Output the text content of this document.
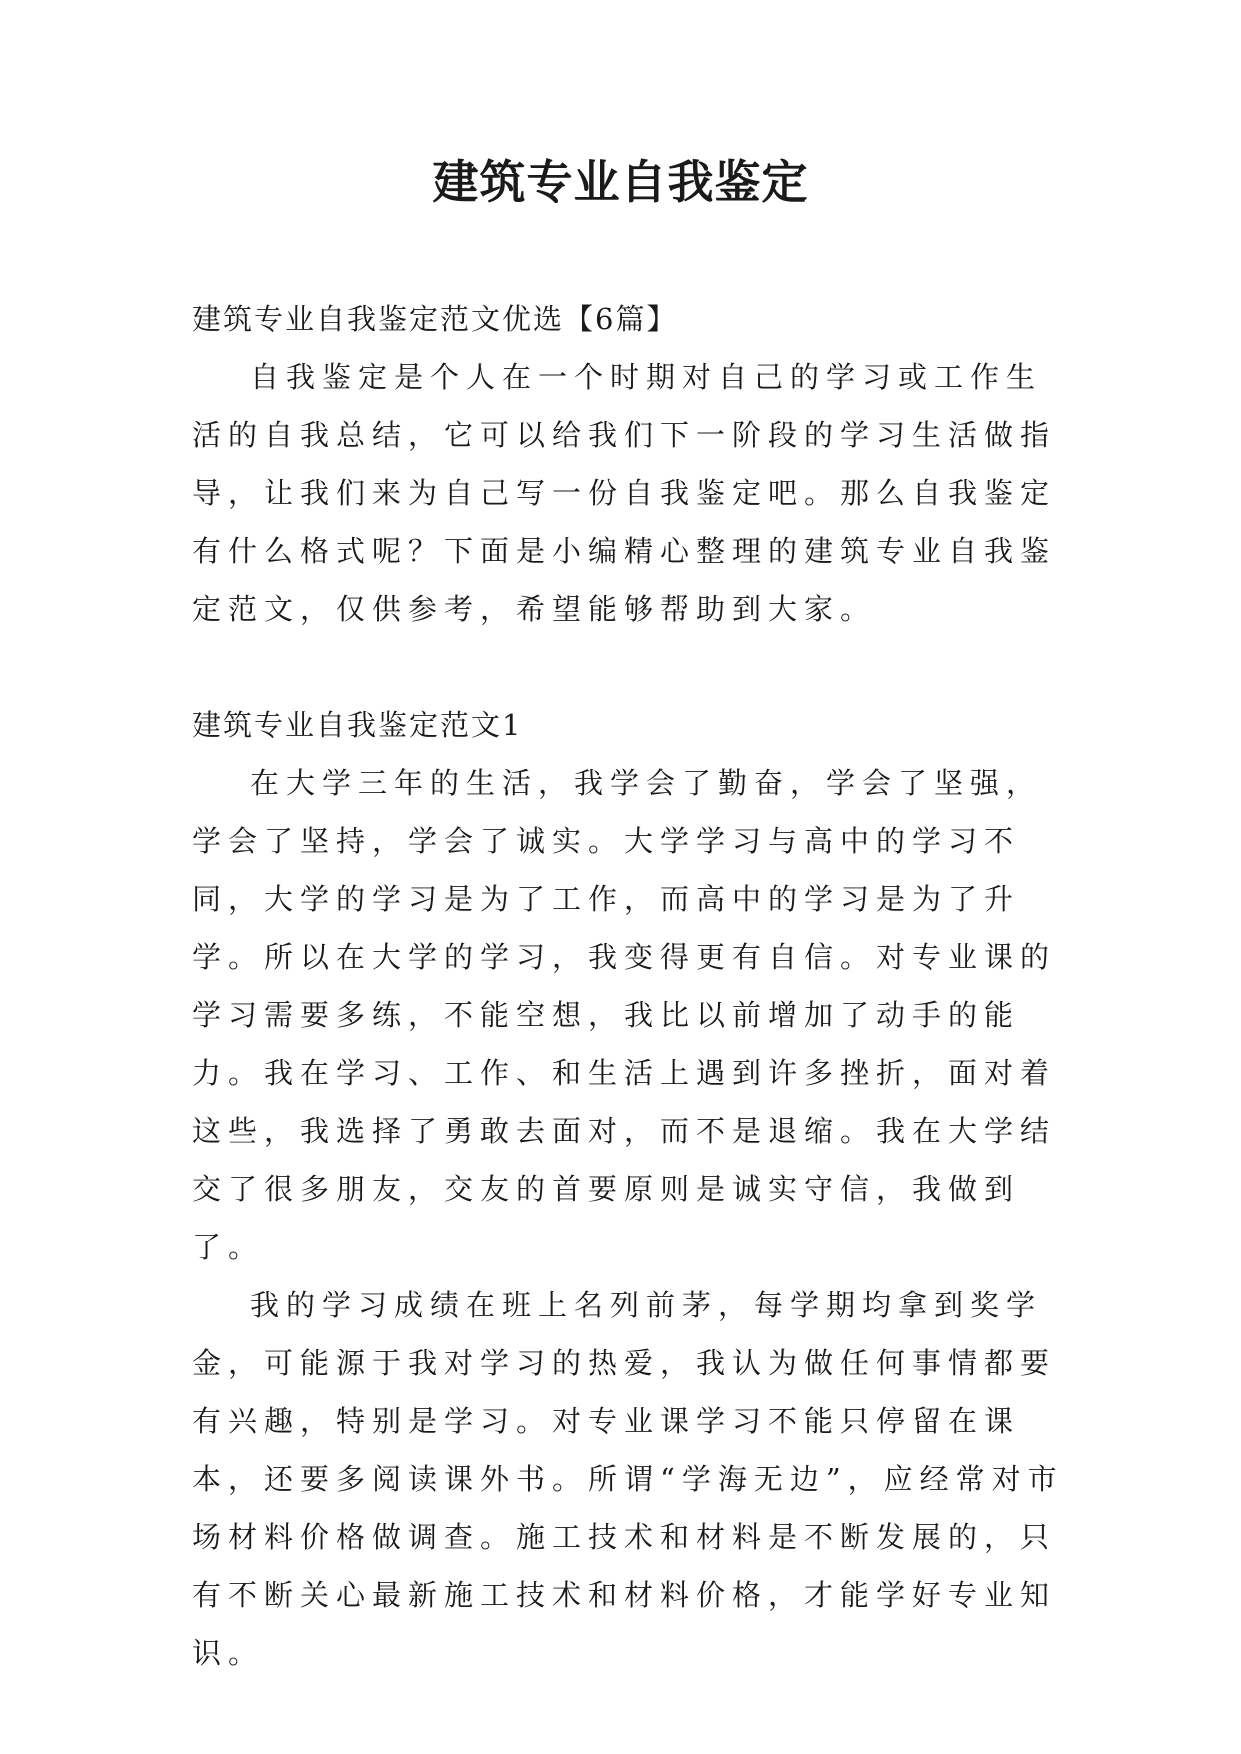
建筑专业自我鉴定

建筑专业自我鉴定范文优选【6篇】

自我鉴定是个人在一个时期对自己的学习或工作生活的自我总结，它可以给我们下一阶段的学习生活做指导，让我们来为自己写一份自我鉴定吧。那么自我鉴定有什么格式呢？下面是小编精心整理的建筑专业自我鉴定范文，仅供参考，希望能够帮助到大家。

建筑专业自我鉴定范文1

在大学三年的生活，我学会了勤奋，学会了坚强，学会了坚持，学会了诚实。大学学习与高中的学习不同，大学的学习是为了工作，而高中的学习是为了升学。所以在大学的学习，我变得更有自信。对专业课的学习需要多练，不能空想，我比以前增加了动手的能力。我在学习、工作、和生活上遇到许多挫折，面对着这些，我选择了勇敢去面对，而不是退缩。我在大学结交了很多朋友，交友的首要原则是诚实守信，我做到了。

我的学习成绩在班上名列前茅，每学期均拿到奖学金，可能源于我对学习的热爱，我认为做任何事情都要有兴趣，特别是学习。对专业课学习不能只停留在课本，还要多阅读课外书。所谓“学海无边”，应经常对市场材料价格做调查。施工技术和材料是不断发展的，只有不断关心最新施工技术和材料价格，才能学好专业知识。
